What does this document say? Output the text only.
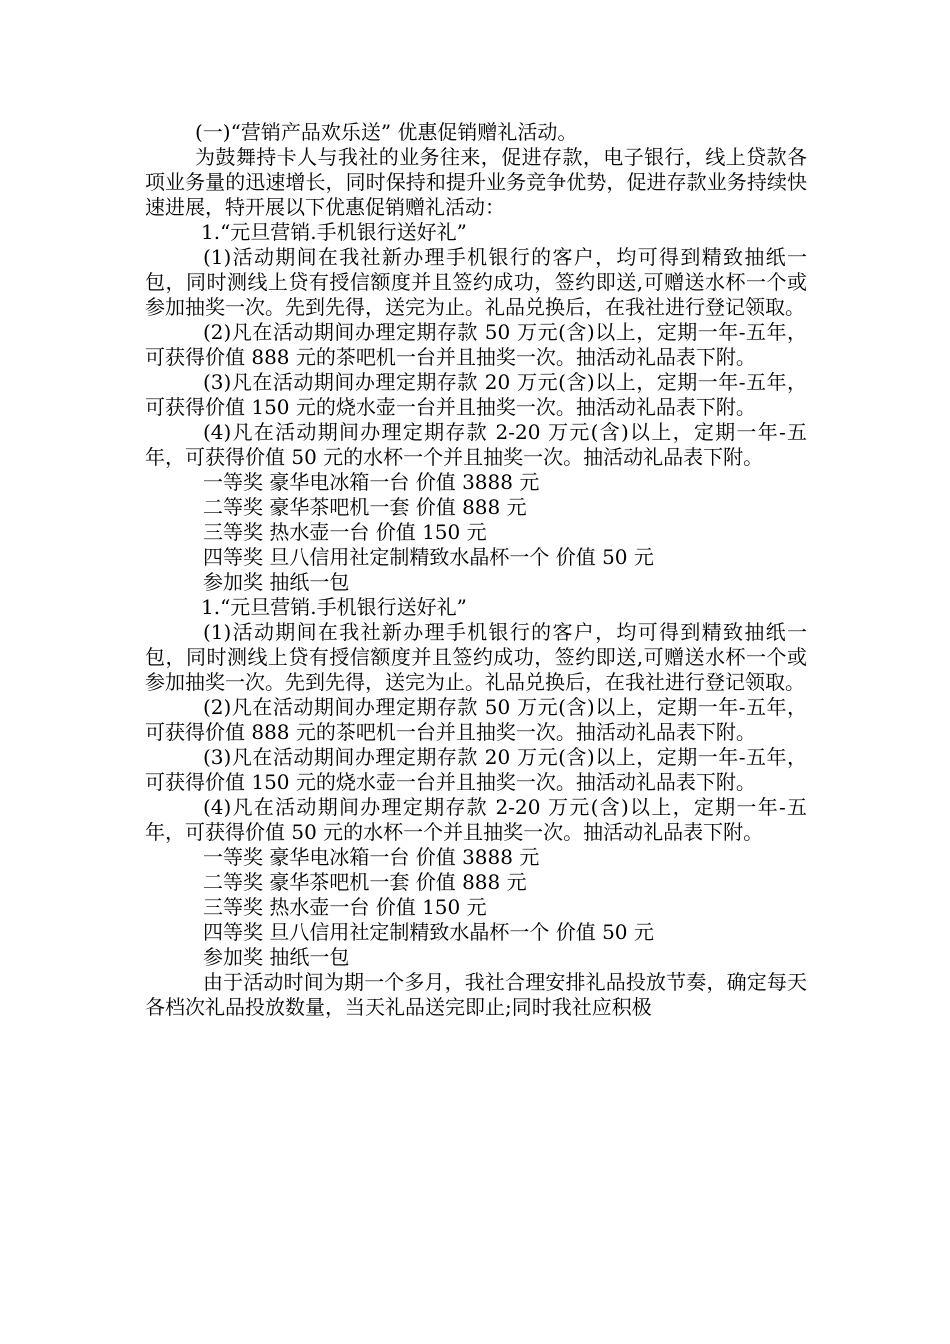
(一)“营销产品欢乐送” 优惠促销赠礼活动。

为鼓舞持卡人与我社的业务往来，促进存款，电子银行，线上贷款各项业务量的迅速增长，同时保持和提升业务竞争优势，促进存款业务持续快速进展，特开展以下优惠促销赠礼活动：

1.“元旦营销.手机银行送好礼”

(1)活动期间在我社新办理手机银行的客户，均可得到精致抽纸一包，同时测线上贷有授信额度并且签约成功，签约即送,可赠送水杯一个或参加抽奖一次。先到先得，送完为止。礼品兑换后，在我社进行登记领取。

(2)凡在活动期间办理定期存款 50 万元(含)以上，定期一年-五年，可获得价值 888 元的茶吧机一台并且抽奖一次。抽活动礼品表下附。

(3)凡在活动期间办理定期存款 20 万元(含)以上，定期一年-五年，可获得价值 150 元的烧水壶一台并且抽奖一次。抽活动礼品表下附。

(4)凡在活动期间办理定期存款 2-20 万元(含)以上，定期一年-五年，可获得价值 50 元的水杯一个并且抽奖一次。抽活动礼品表下附。

一等奖 豪华电冰箱一台 价值 3888 元

二等奖 豪华茶吧机一套 价值 888 元

三等奖 热水壶一台 价值 150 元

四等奖 旦八信用社定制精致水晶杯一个 价值 50 元

参加奖 抽纸一包

1.“元旦营销.手机银行送好礼”

(1)活动期间在我社新办理手机银行的客户，均可得到精致抽纸一包，同时测线上贷有授信额度并且签约成功，签约即送,可赠送水杯一个或参加抽奖一次。先到先得，送完为止。礼品兑换后，在我社进行登记领取。

(2)凡在活动期间办理定期存款 50 万元(含)以上，定期一年-五年，可获得价值 888 元的茶吧机一台并且抽奖一次。抽活动礼品表下附。

(3)凡在活动期间办理定期存款 20 万元(含)以上，定期一年-五年，可获得价值 150 元的烧水壶一台并且抽奖一次。抽活动礼品表下附。

(4)凡在活动期间办理定期存款 2-20 万元(含)以上，定期一年-五年，可获得价值 50 元的水杯一个并且抽奖一次。抽活动礼品表下附。

一等奖 豪华电冰箱一台 价值 3888 元

二等奖 豪华茶吧机一套 价值 888 元

三等奖 热水壶一台 价值 150 元

四等奖 旦八信用社定制精致水晶杯一个 价值 50 元

参加奖 抽纸一包

由于活动时间为期一个多月，我社合理安排礼品投放节奏，确定每天各档次礼品投放数量，当天礼品送完即止;同时我社应积极
